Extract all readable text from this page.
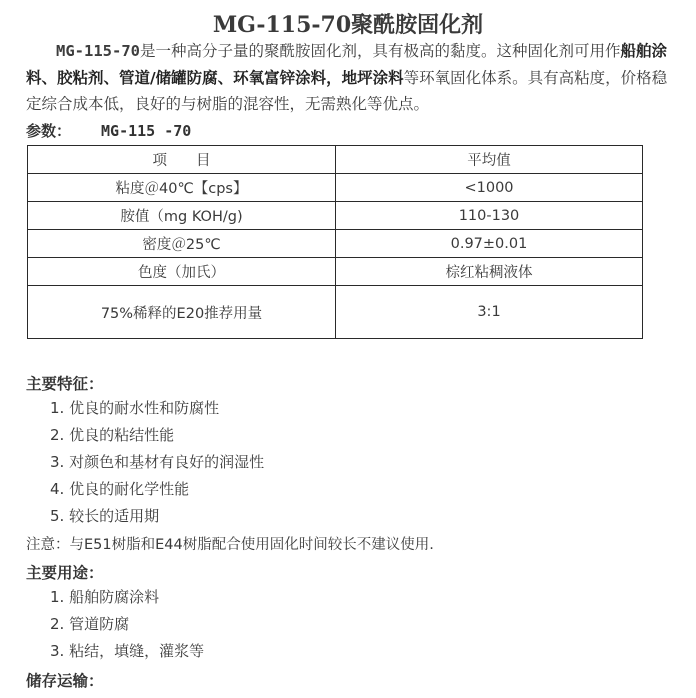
MG-115-70聚酰胺固化剂
MG-115-70是一种高分子量的聚酰胺固化剂，具有极高的黏度。这种固化剂可用作船舶涂料、胶粘剂、管道/储罐防腐、环氧富锌涂料，地坪涂料等环氧固化体系。具有高粘度，价格稳定综合成本低，良好的与树脂的混容性，无需熟化等优点。
参数： MG-115 -70
项　　目	平均值
粘度＠40℃【cps】	<1000
胺值（mg KOH/g)	110-130
密度＠25℃	0.97±0.01
色度（加氏）	棕红粘稠液体
75%稀释的E20推荐用量	3:1
主要特征：
1. 优良的耐水性和防腐性
2. 优良的粘结性能
3. 对颜色和基材有良好的润湿性
4. 优良的耐化学性能
5. 较长的适用期
注意：与E51树脂和E44树脂配合使用固化时间较长不建议使用.
主要用途：
1. 船舶防腐涂料
2. 管道防腐
3. 粘结，填缝，灌浆等
储存运输：
